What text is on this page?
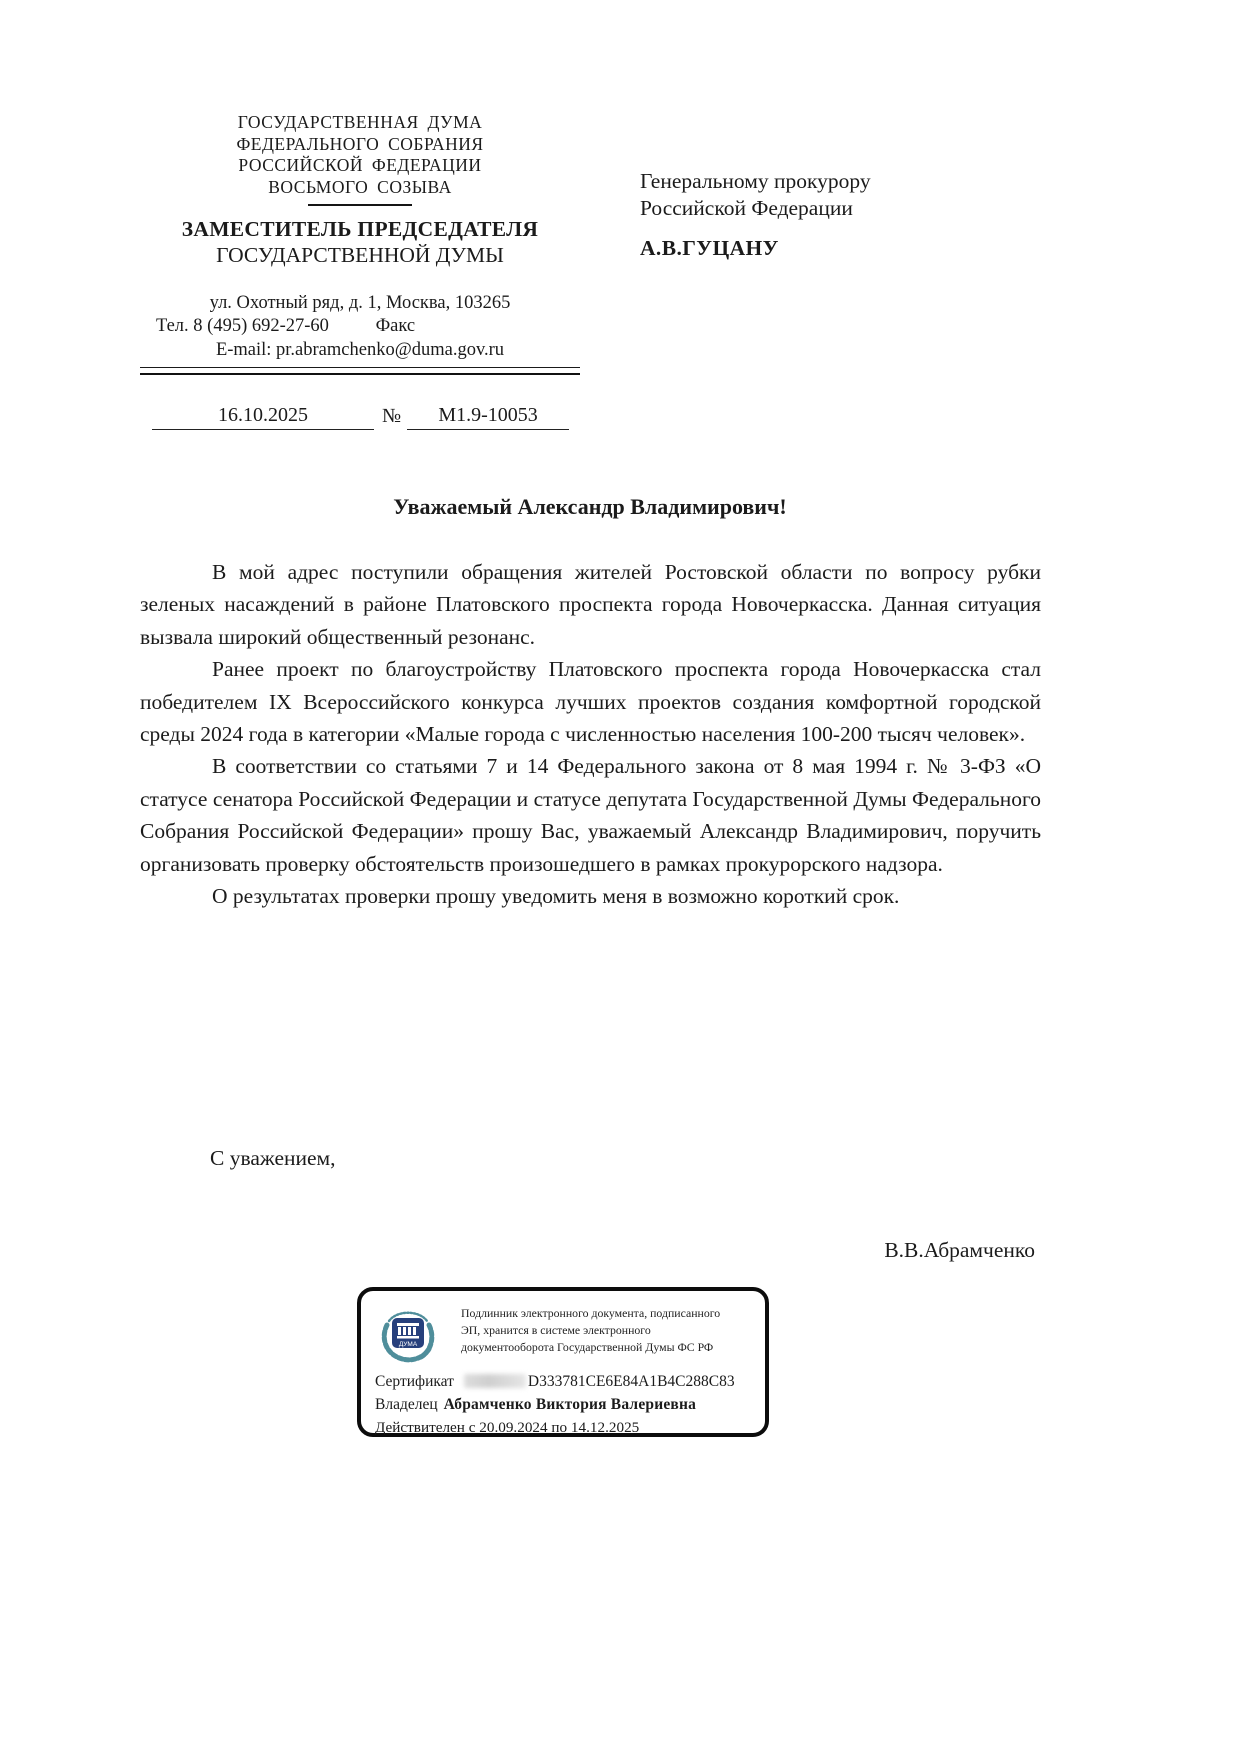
ГОСУДАРСТВЕННАЯ ДУМА
ФЕДЕРАЛЬНОГО СОБРАНИЯ
РОССИЙСКОЙ ФЕДЕРАЦИИ
ВОСЬМОГО СОЗЫВА
ЗАМЕСТИТЕЛЬ ПРЕДСЕДАТЕЛЯ
ГОСУДАРСТВЕННОЙ ДУМЫ
ул. Охотный ряд, д. 1, Москва, 103265
Тел. 8 (495) 692-27-60	Факс
E-mail: pr.abramchenko@duma.gov.ru
16.10.2025	№	М1.9-10053
Генеральному прокурору
Российской Федерации
А.В.ГУЦАНУ
Уважаемый Александр Владимирович!

В мой адрес поступили обращения жителей Ростовской области по вопросу рубки зеленых насаждений в районе Платовского проспекта города Новочеркасска. Данная ситуация вызвала широкий общественный резонанс.

Ранее проект по благоустройству Платовского проспекта города Новочеркасска стал победителем IX Всероссийского конкурса лучших проектов создания комфортной городской среды 2024 года в категории «Малые города с численностью населения 100-200 тысяч человек».

В соответствии со статьями 7 и 14 Федерального закона от 8 мая 1994 г. № 3-ФЗ «О статусе сенатора Российской Федерации и статусе депутата Государственной Думы Федерального Собрания Российской Федерации» прошу Вас, уважаемый Александр Владимирович, поручить организовать проверку обстоятельств произошедшего в рамках прокурорского надзора.

О результатах проверки прошу уведомить меня в возможно короткий срок.

С уважением,
В.В.Абрамченко
ДУМА
Подлинник электронного документа, подписанного
ЭП, хранится в системе электронного
документооборота Государственной Думы ФС РФ
Сертификат	D333781CE6E84A1B4C288C83
Владелец Абрамченко Виктория Валериевна
Действителен с 20.09.2024 по 14.12.2025
